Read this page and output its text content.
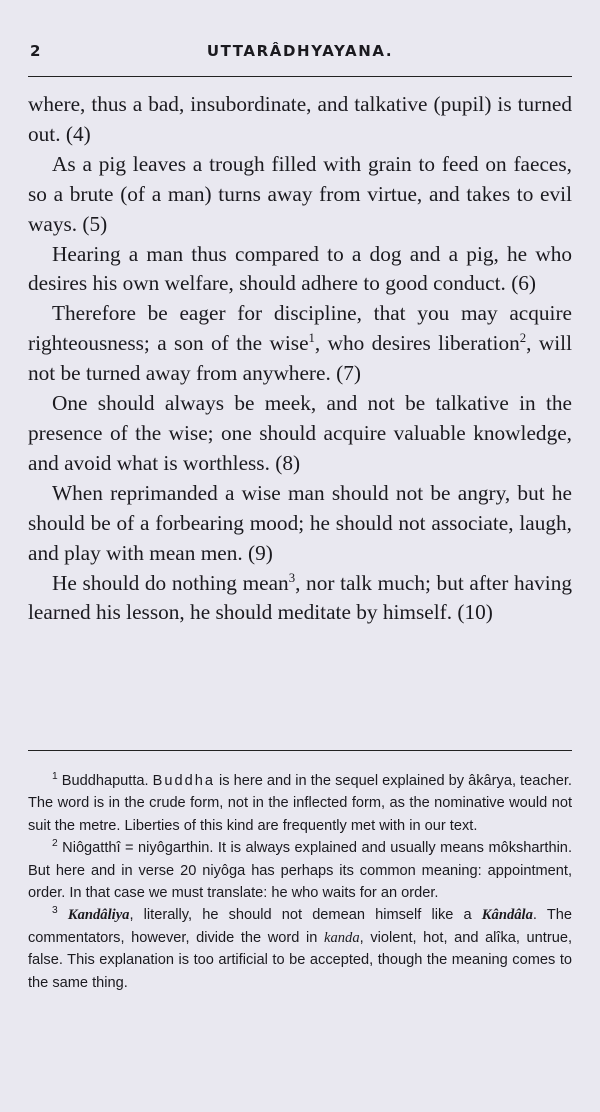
2	UTTARÂDHYAYANA.

where, thus a bad, insubordinate, and talkative (pupil) is turned out. (4)

As a pig leaves a trough filled with grain to feed on faeces, so a brute (of a man) turns away from virtue, and takes to evil ways. (5)

Hearing a man thus compared to a dog and a pig, he who desires his own welfare, should adhere to good conduct. (6)

Therefore be eager for discipline, that you may acquire righteousness; a son of the wise$^1$, who desires liberation$^2$, will not be turned away from anywhere. (7)

One should always be meek, and not be talkative in the presence of the wise; one should acquire valuable knowledge, and avoid what is worthless. (8)

When reprimanded a wise man should not be angry, but he should be of a forbearing mood; he should not associate, laugh, and play with mean men. (9)

He should do nothing mean$^3$, nor talk much; but after having learned his lesson, he should meditate by himself. (10)

$^1$ Buddhaputta. Buddha is here and in the sequel explained by âkârya, teacher. The word is in the crude form, not in the inflected form, as the nominative would not suit the metre. Liberties of this kind are frequently met with in our text.

$^2$ Niôgatthî = niyôgarthin. It is always explained and usually means môksharthin. But here and in verse 20 niyôga has perhaps its common meaning: appointment, order. In that case we must translate: he who waits for an order.

$^3$ Kandâliya, literally, he should not demean himself like a Kândâla. The commentators, however, divide the word in kanda, violent, hot, and alîka, untrue, false. This explanation is too artificial to be accepted, though the meaning comes to the same thing.
